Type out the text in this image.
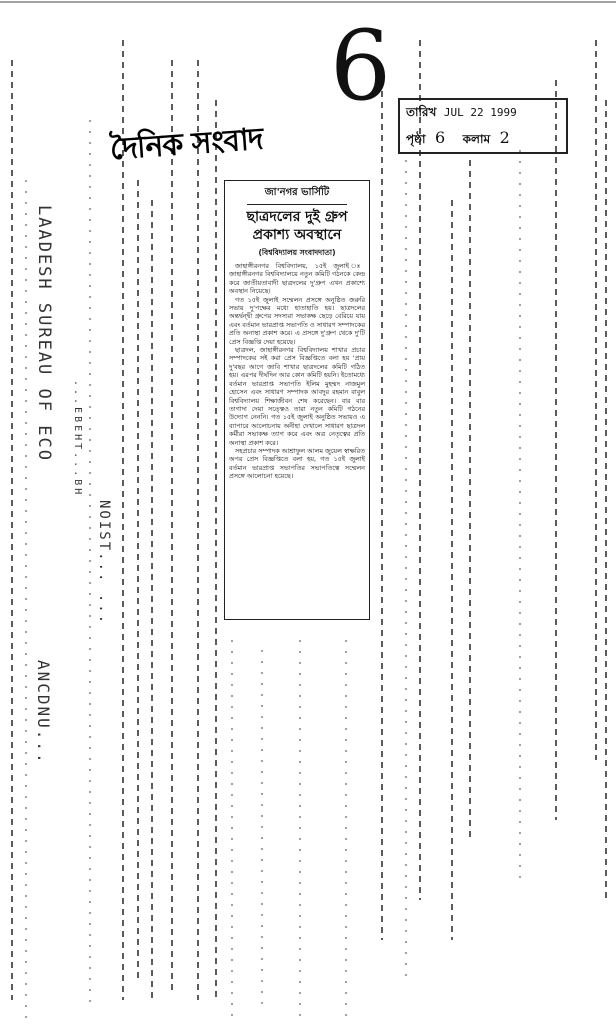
LAADESH SUREAU OF ECO ...ЕВЕНТ...ВН
NOIST... ...
ANCDNU...
6
দৈনিক সংবাদ
তারিখ JUL 22 1999
পৃষ্ঠা 6 কলাম 2
জা'নগর ভার্সিটি
ছাত্রদলের দুই গ্রুপ
প্রকাশ্য অবস্থানে
(বিশ্ববিদ্যালয় সংবাদদাতা)

জাহাঙ্গীরনগর বিশ্ববিদ্যালয়, ১৫ই জুলাই ঃ জাহাঙ্গীরনগর বিশ্ববিদ্যালয়ে নতুন কমিটি গঠনকে কেন্দ্র করে জাতীয়তাবাদী ছাত্রদলের দু'গ্রুপ এখন প্রকাশ্যে অবস্থান নিয়েছে।

গত ১৫ই জুলাই সম্মেলন প্রসঙ্গে অনুষ্ঠিত জরুরি সভায় দু'পক্ষের মধ্যে হাতাহাতি হয়। ছাত্রদলের অন্তর্দ্বন্দ্বী গ্রুপের সদস্যরা সভাকক্ষ ছেড়ে বেরিয়ে যায় এবং বর্তমান ভারপ্রাপ্ত সভাপতি ও সাধারণ সম্পাদকের প্রতি অনাস্থা প্রকাশ করে। এ প্রসঙ্গে দু'গ্রুপ থেকে দু'টি প্রেস বিজ্ঞপ্তি দেয়া হয়েছে।

ছাত্রদল, জাহাঙ্গীরনগর বিশ্ববিদ্যালয় শাখার প্রচার সম্পাদকের সই করা প্রেস বিজ্ঞপ্তিতে বলা হয় 'প্রায় দু'বছর আগে জাবি শাখার ছাত্রদলের কমিটি গঠিত হয়। এরপর দীর্ঘদিন আর কোন কমিটি হয়নি। ইতোমধ্যে বর্তমান ভারপ্রাপ্ত সভাপতি ইলিম মুহম্মদ নাজমুল হোসেন এবং সাধারণ সম্পাদক আবদুর রহমান বাবুল বিশ্ববিদ্যালয় শিক্ষাজীবন শেষ করেছেন। বার বার তাগাদা দেয়া সত্ত্বেও তারা নতুন কমিটি গঠনের উদ্যোগ নেননি। গত ১৫ই জুলাই অনুষ্ঠিত সভায়ও এ ব্যাপারে আলোচনায় অনীহা দেখালে সাধারণ ছাত্রদল কর্মীরা সভাকক্ষ ত্যাগ করে এবং অত্র নেতৃত্বের প্রতি অনাস্থা প্রকাশ করে।

সহপ্রচার সম্পাদক আশ্রাফুল আলম জুয়েল স্বাক্ষরিত অপর প্রেস বিজ্ঞপ্তিতে বলা হয়, গত ১৫ই জুলাই বর্তমান ভারপ্রাপ্ত সভাপতির সভাপতিত্বে সম্মেলন প্রসঙ্গে আলোচনা হয়েছে।
